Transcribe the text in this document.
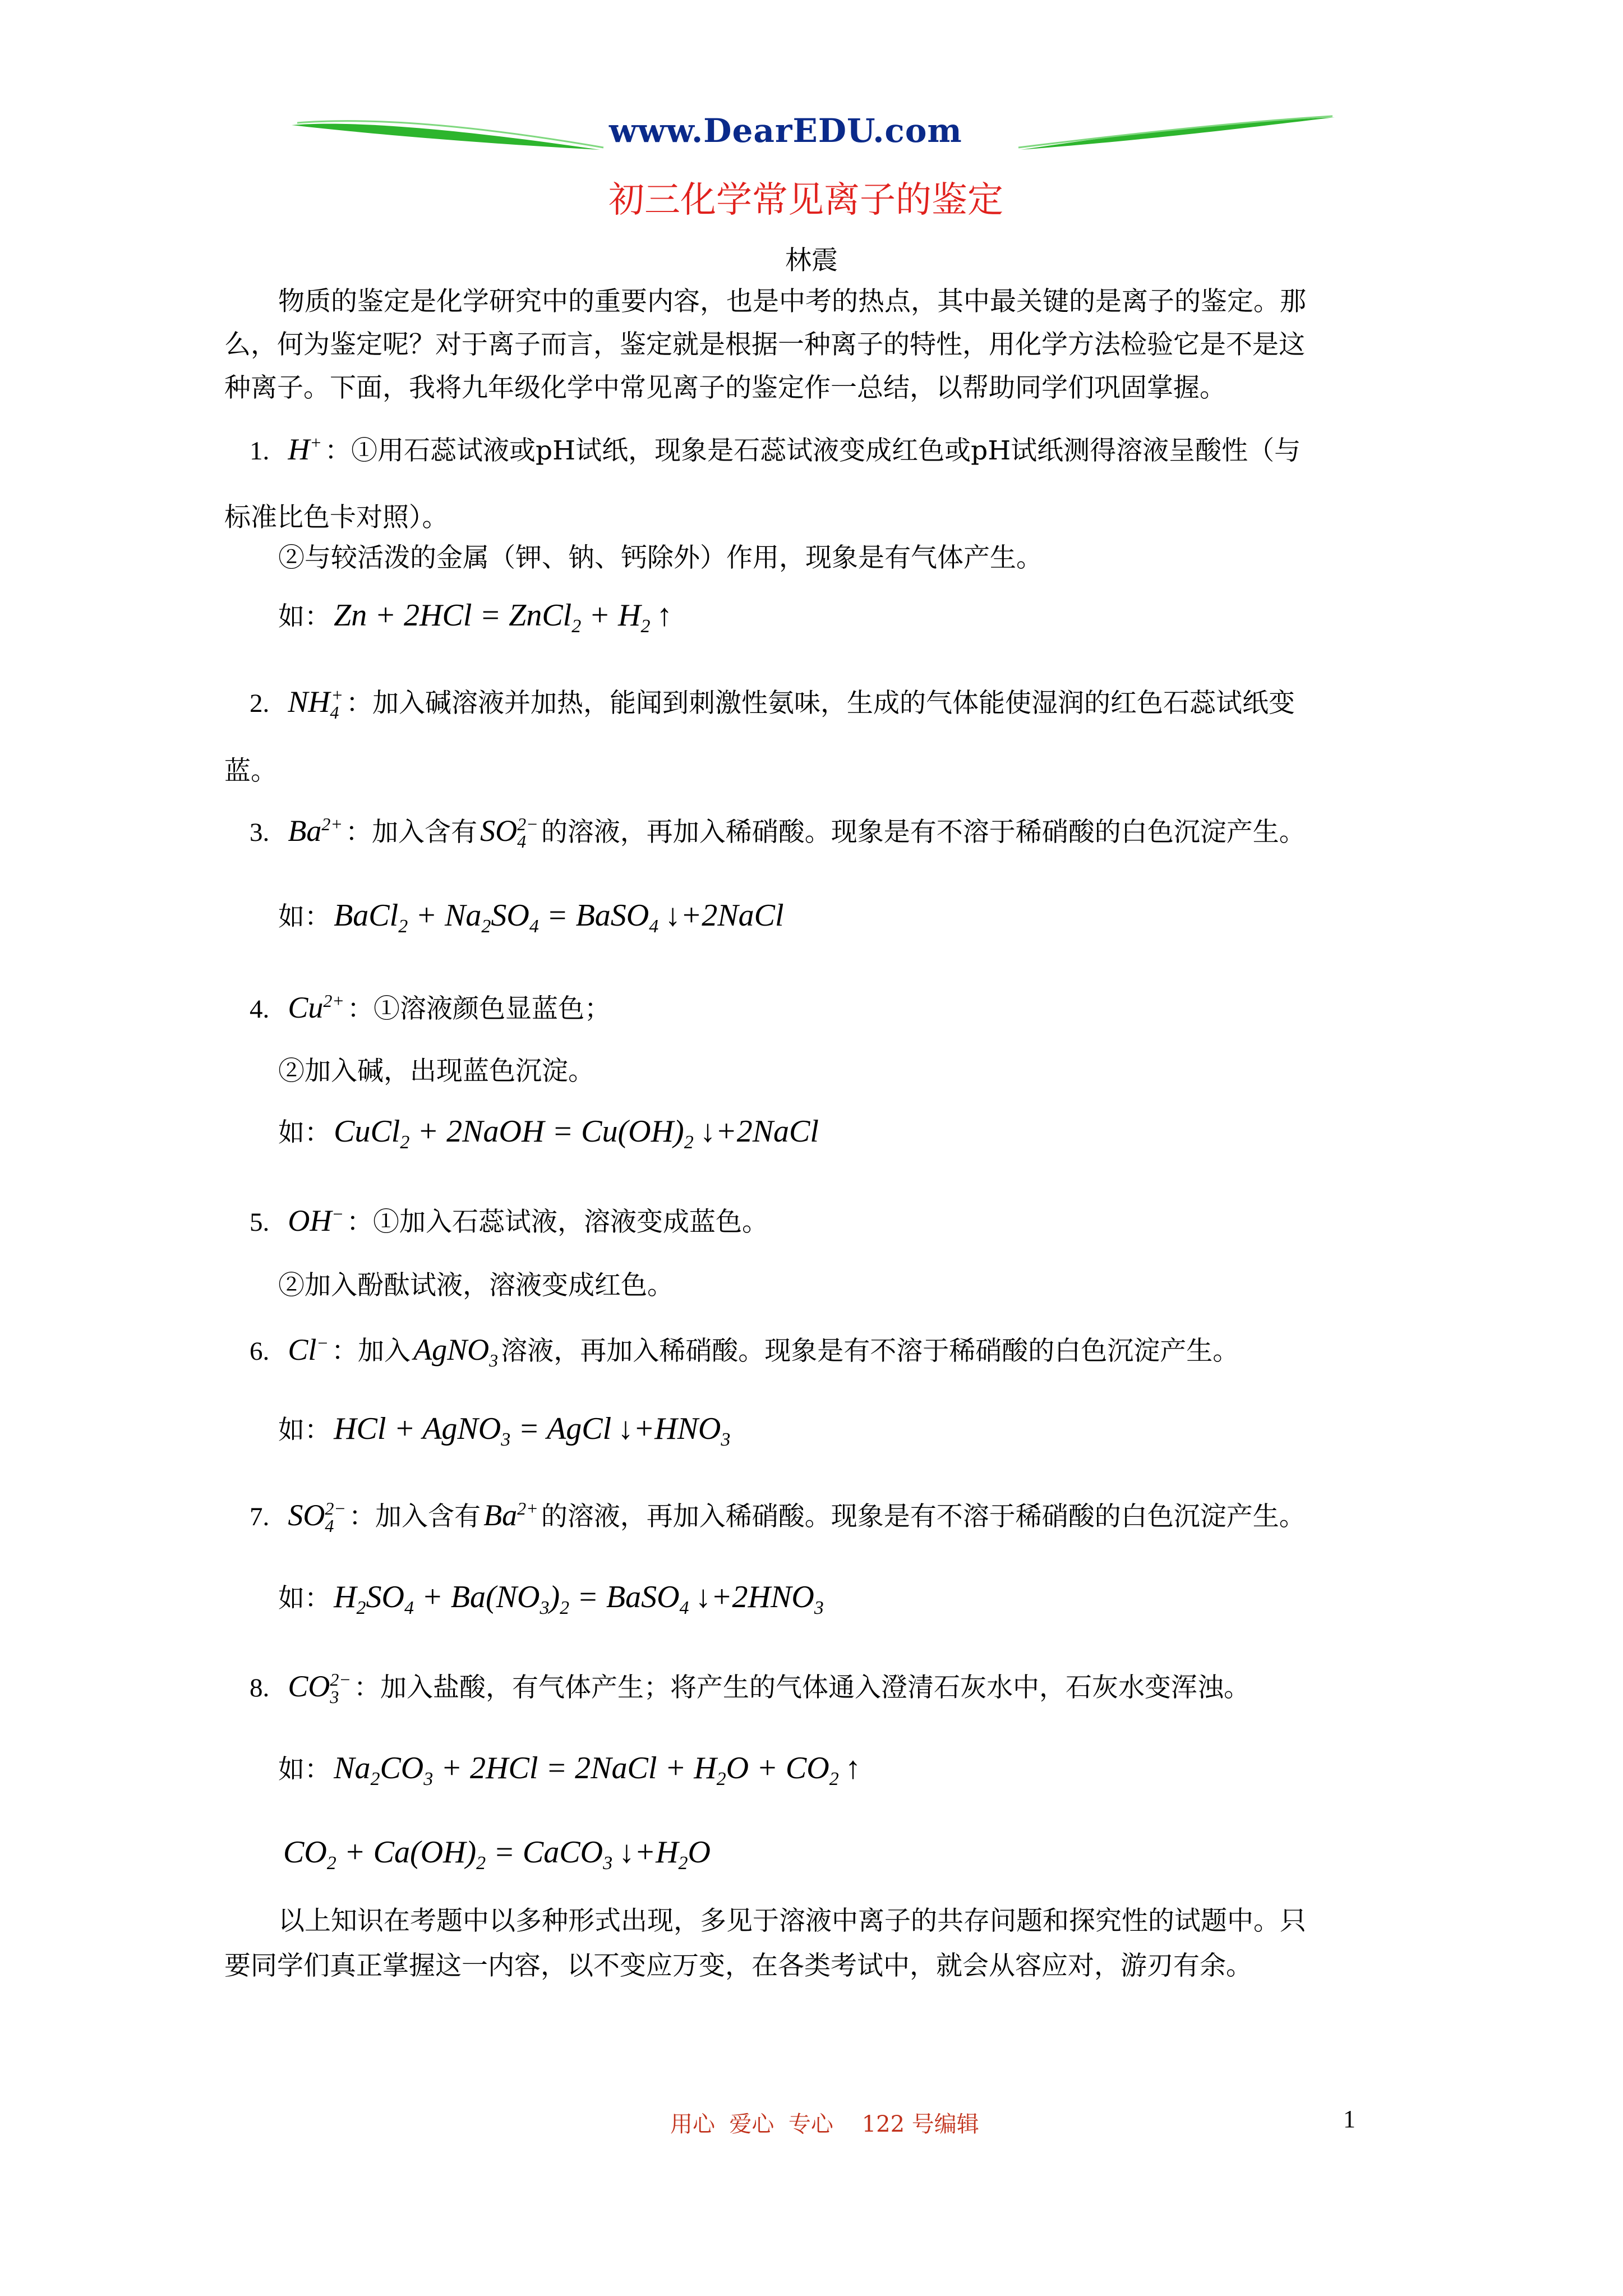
www.DearEDU.com
初三化学常见离子的鉴定
林震
物质的鉴定是化学研究中的重要内容，也是中考的热点，其中最关键的是离子的鉴定。那
么，何为鉴定呢？对于离子而言，鉴定就是根据一种离子的特性，用化学方法检验它是不是这
种离子。下面，我将九年级化学中常见离子的鉴定作一总结，以帮助同学们巩固掌握。
1. H+ ：①用石蕊试液或pH试纸，现象是石蕊试液变成红色或pH试纸测得溶液呈酸性（与
标准比色卡对照）。
②与较活泼的金属（钾、钠、钙除外）作用，现象是有气体产生。
如： Zn + 2HCl = ZnCl$_2$ + $H_2$ ↑
2. $NH_4^+$ ：加入碱溶液并加热，能闻到刺激性氨味，生成的气体能使湿润的红色石蕊试纸变
蓝。
3. $Ba^{2+}$ ：加入含有 $SO_4^{2-}$ 的溶液，再加入稀硝酸。现象是有不溶于稀硝酸的白色沉淀产生。
如： BaCl$_2$ + $Na_2SO_4$ = BaSO$_4$ ↓+2NaCl
4. $Cu^{2+}$ ：①溶液颜色显蓝色；
②加入碱，出现蓝色沉淀。
如： CuCl$_2$ + 2NaOH = $Cu(OH)_2$ ↓+2NaCl
5. OH− ：①加入石蕊试液，溶液变成蓝色。
②加入酚酞试液，溶液变成红色。
6. Cl− ：加入 AgNO$_3$ 溶液，再加入稀硝酸。现象是有不溶于稀硝酸的白色沉淀产生。
如： HCl + AgNO$_3$ = AgCl $↓+HNO_3$
7. $SO_4^{2-}$ ：加入含有 $Ba^{2+}$ 的溶液，再加入稀硝酸。现象是有不溶于稀硝酸的白色沉淀产生。
如： $H_2SO_4 + Ba(NO_3)_2$ = BaSO$_4$ $↓+2HNO_3$
8. $CO_3^{2-}$ ：加入盐酸，有气体产生；将产生的气体通入澄清石灰水中，石灰水变浑浊。
如： $Na_2CO_3 + 2HCl$ = 2NaCl + $H_2O + CO_2$ ↑
$CO_2 + Ca(OH)_2$ = CaCO$_3$ $↓+H_2O$
以上知识在考题中以多种形式出现，多见于溶液中离子的共存问题和探究性的试题中。只
要同学们真正掌握这一内容，以不变应万变，在各类考试中，就会从容应对，游刃有余。
用心  爱心  专心    122 号编辑	1
